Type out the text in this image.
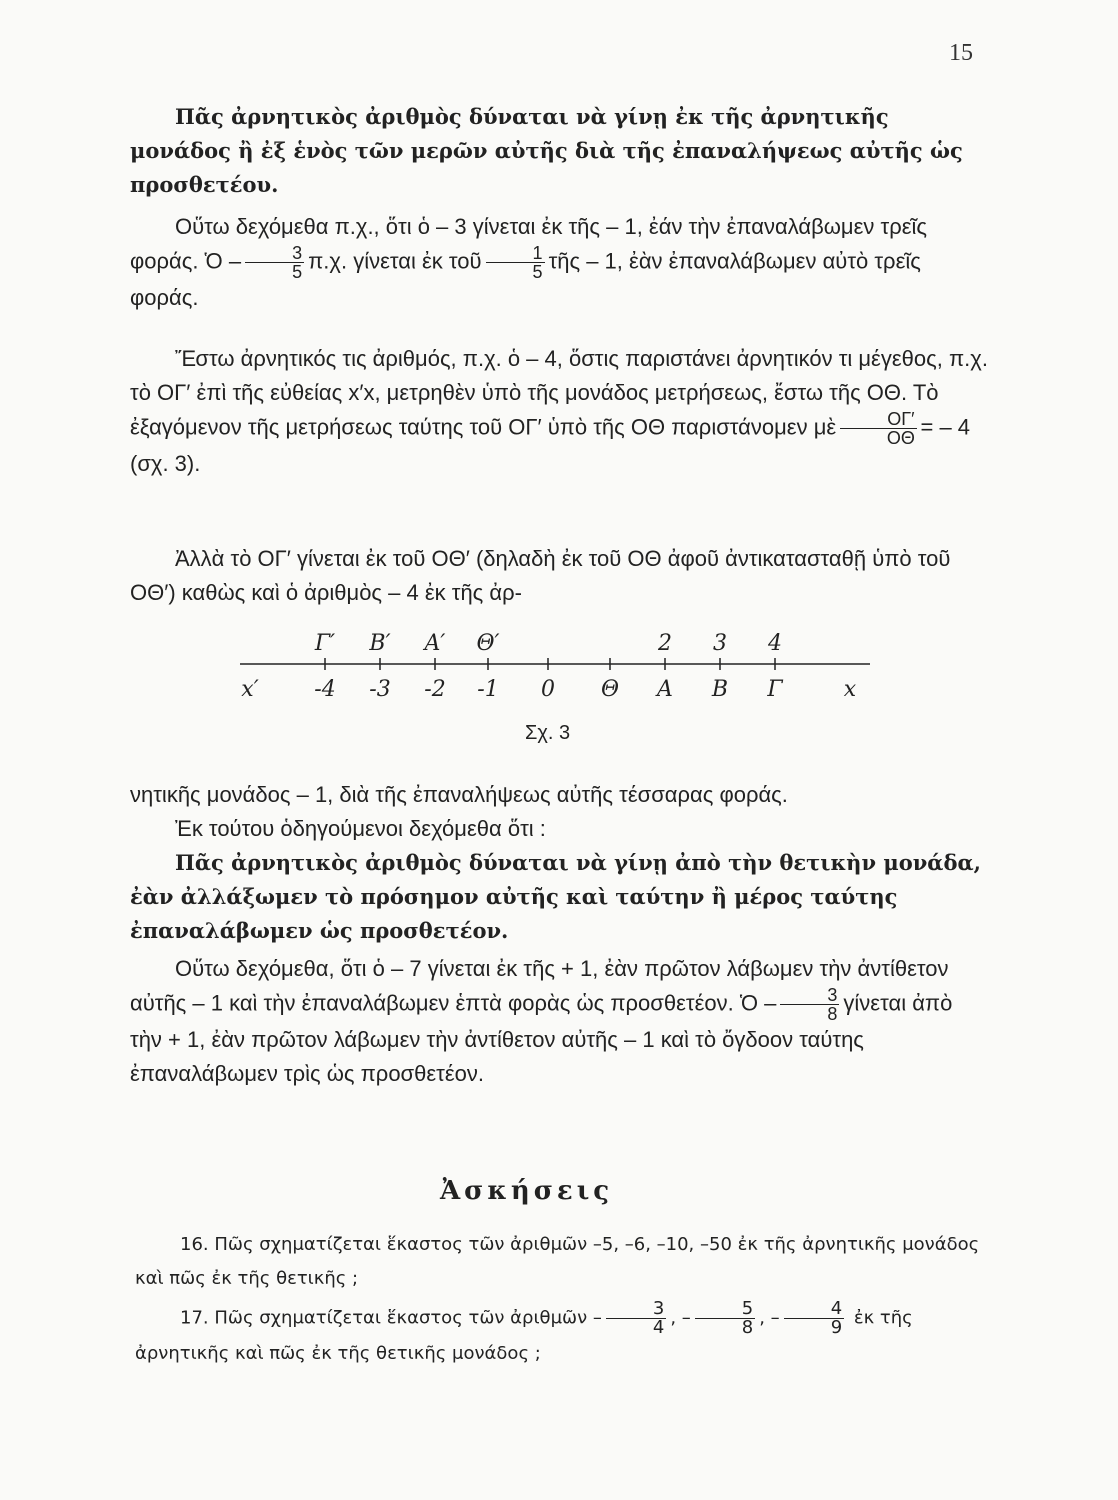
15

Πᾶς ἀρνητικὸς ἀριθμὸς δύναται νὰ γίνῃ ἐκ τῆς ἀρνητικῆς μονάδος ἢ ἐξ ἑνὸς τῶν μερῶν αὐτῆς διὰ τῆς ἐπαναλήψεως αὐτῆς ὡς προσθετέου.

Οὕτω δεχόμεθα π.χ., ὅτι ὁ – 3 γίνεται ἐκ τῆς – 1, ἐάν τὴν ἐπαναλάβωμεν τρεῖς φοράς. Ὁ – $\frac{3}{5} \pi.\chi$. γίνεται ἐκ τοῦ $\frac{1}{5}$ τῆς – 1, ἐὰν ἐπαναλάβωμεν αὐτὸ τρεῖς φοράς.

Ἔστω ἀρνητικός τις ἀριθμός, π.χ. ὁ – 4, ὅστις παριστάνει ἀρνητικόν τι μέγεθος, π.χ. τὸ ΟΓ′ ἐπὶ τῆς εὐθείας x′x, μετρηθὲν ὑπὸ τῆς μονάδος μετρήσεως, ἔστω τῆς ΟΘ. Τὸ ἐξαγόμενον τῆς μετρήσεως ταύτης τοῦ ΟΓ′ ὑπὸ τῆς ΟΘ παριστάνομεν μὲ $\frac{O\Gamma'}{O\Theta}$ = – 4

(σχ. 3).

Ἀλλὰ τὸ ΟΓ′ γίνεται ἐκ τοῦ ΟΘ′ (δηλαδὴ ἐκ τοῦ ΟΘ ἀφοῦ ἀντικατασταθῇ ὑπὸ τοῦ ΟΘ′) καθὼς καὶ ὁ ἀριθμὸς – 4 ἐκ τῆς ἀρ-

Γ′ Β′ Α′ Θ′	2 3 4
x′	-4 -3 -2 -1 0 Θ Α Β Γ	x
Σχ. 3

νητικῆς μονάδος – 1, διὰ τῆς ἐπαναλήψεως αὐτῆς τέσσαρας φοράς.

Ἐκ τούτου ὁδηγούμενοι δεχόμεθα ὅτι :

Πᾶς ἀρνητικὸς ἀριθμὸς δύναται νὰ γίνῃ ἀπὸ τὴν θετικὴν μονάδα, ἐὰν ἀλλάξωμεν τὸ πρόσημον αὐτῆς καὶ ταύτην ἢ μέρος ταύτης ἐπαναλάβωμεν ὡς προσθετέον.

Οὕτω δεχόμεθα, ὅτι ὁ – 7 γίνεται ἐκ τῆς + 1, ἐὰν πρῶτον λάβωμεν τὴν ἀντίθετον αὐτῆς – 1 καὶ τὴν ἐπαναλάβωμεν ἑπτὰ φορὰς ὡς προσθετέον. Ὁ – $\frac{3}{8}$ γίνεται ἀπὸ τὴν + 1, ἐὰν πρῶτον λάβωμεν τὴν ἀντίθετον αὐτῆς – 1 καὶ τὸ ὄγδοον ταύτης ἐπαναλάβωμεν τρὶς ὡς προσθετέον.

Ἀσκήσεις

16. Πῶς σχηματίζεται ἕκαστος τῶν ἀριθμῶν –5, –6, –10, –50 ἐκ τῆς ἀρνητικῆς μονάδος καὶ πῶς ἐκ τῆς θετικῆς ;

17. Πῶς σχηματίζεται ἕκαστος τῶν ἀριθμῶν – $\frac{3}{4}$ , – $\frac{5}{8}$ , – $\frac{4}{9}$ ἐκ τῆς ἀρνητικῆς καὶ πῶς ἐκ τῆς θετικῆς μονάδος ;
